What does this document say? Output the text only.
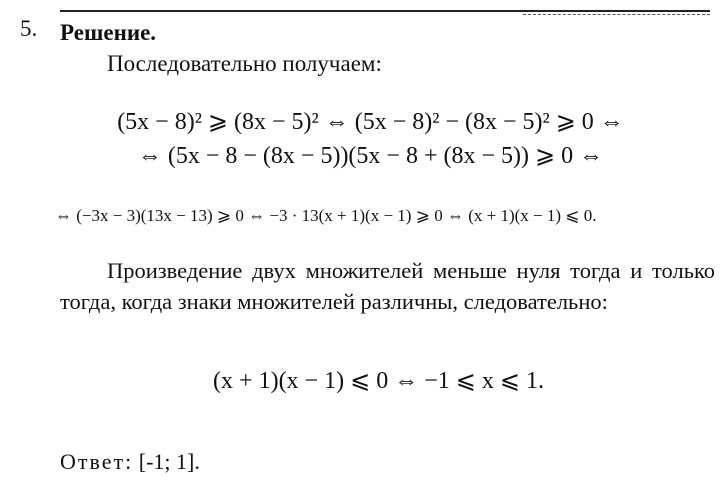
5. Решение.
Последовательно получаем:
(5x − 8)² ⩾ (8x − 5)² ⇔ (5x − 8)² − (8x − 5)² ⩾ 0 ⇔
⇔ (5x − 8 − (8x − 5))(5x − 8 + (8x − 5)) ⩾ 0 ⇔
⇔ (−3x − 3)(13x − 13) ⩾ 0 ⇔ −3 · 13(x + 1)(x − 1) ⩾ 0 ⇔ (x + 1)(x − 1) ⩽ 0.
Произведение двух множителей меньше нуля тогда и только тогда, когда знаки множителей различны, следовательно:
(x + 1)(x − 1) ⩽ 0 ⇔ −1 ⩽ x ⩽ 1.
Ответ: [-1; 1].
